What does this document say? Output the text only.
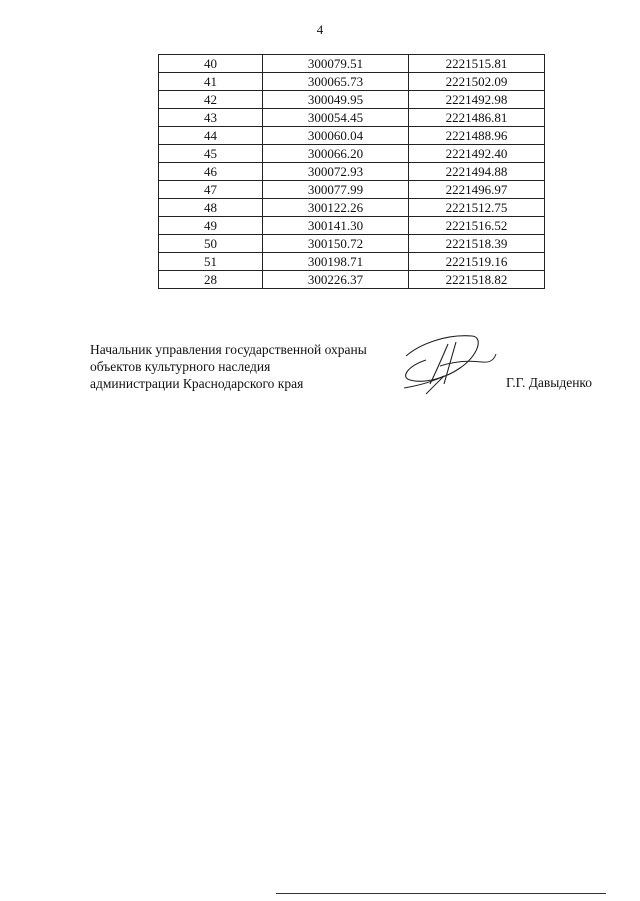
4
40	300079.51	2221515.81
41	300065.73	2221502.09
42	300049.95	2221492.98
43	300054.45	2221486.81
44	300060.04	2221488.96
45	300066.20	2221492.40
46	300072.93	2221494.88
47	300077.99	2221496.97
48	300122.26	2221512.75
49	300141.30	2221516.52
50	300150.72	2221518.39
51	300198.71	2221519.16
28	300226.37	2221518.82
Начальник управления государственной охраны
объектов культурного наследия
администрации Краснодарского края	Г.Г. Давыденко
